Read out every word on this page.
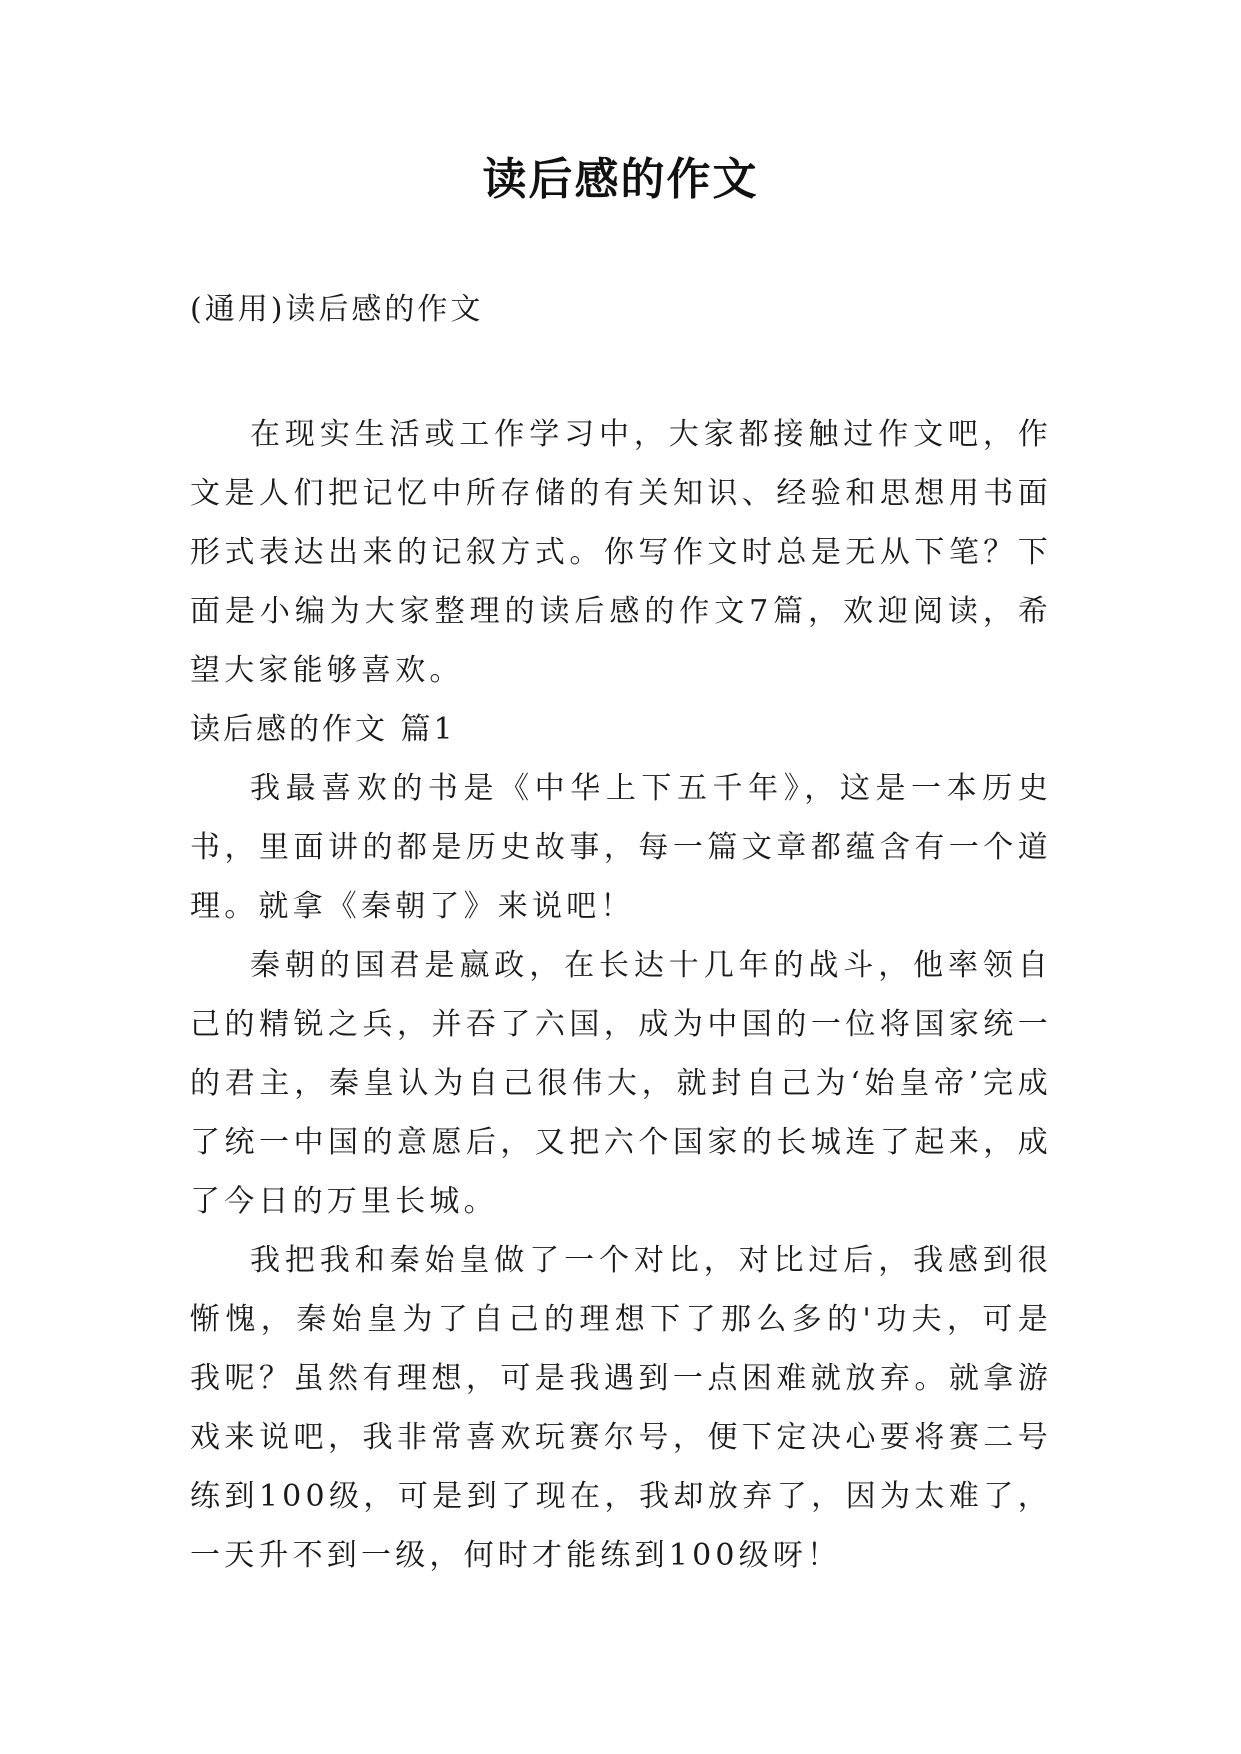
读后感的作文
(通用)读后感的作文

在现实生活或工作学习中，大家都接触过作文吧，作文是人们把记忆中所存储的有关知识、经验和思想用书面形式表达出来的记叙方式。你写作文时总是无从下笔？下面是小编为大家整理的读后感的作文7篇，欢迎阅读，希望大家能够喜欢。

读后感的作文 篇1

我最喜欢的书是《中华上下五千年》，这是一本历史书，里面讲的都是历史故事，每一篇文章都蕴含有一个道理。就拿《秦朝了》来说吧！

秦朝的国君是嬴政，在长达十几年的战斗，他率领自己的精锐之兵，并吞了六国，成为中国的一位将国家统一的君主，秦皇认为自己很伟大，就封自己为‘始皇帝’完成了统一中国的意愿后，又把六个国家的长城连了起来，成了今日的万里长城。

我把我和秦始皇做了一个对比，对比过后，我感到很惭愧，秦始皇为了自己的理想下了那么多的'功夫，可是我呢？虽然有理想，可是我遇到一点困难就放弃。就拿游戏来说吧，我非常喜欢玩赛尔号，便下定决心要将赛二号练到100级，可是到了现在，我却放弃了，因为太难了，一天升不到一级，何时才能练到100级呀！
